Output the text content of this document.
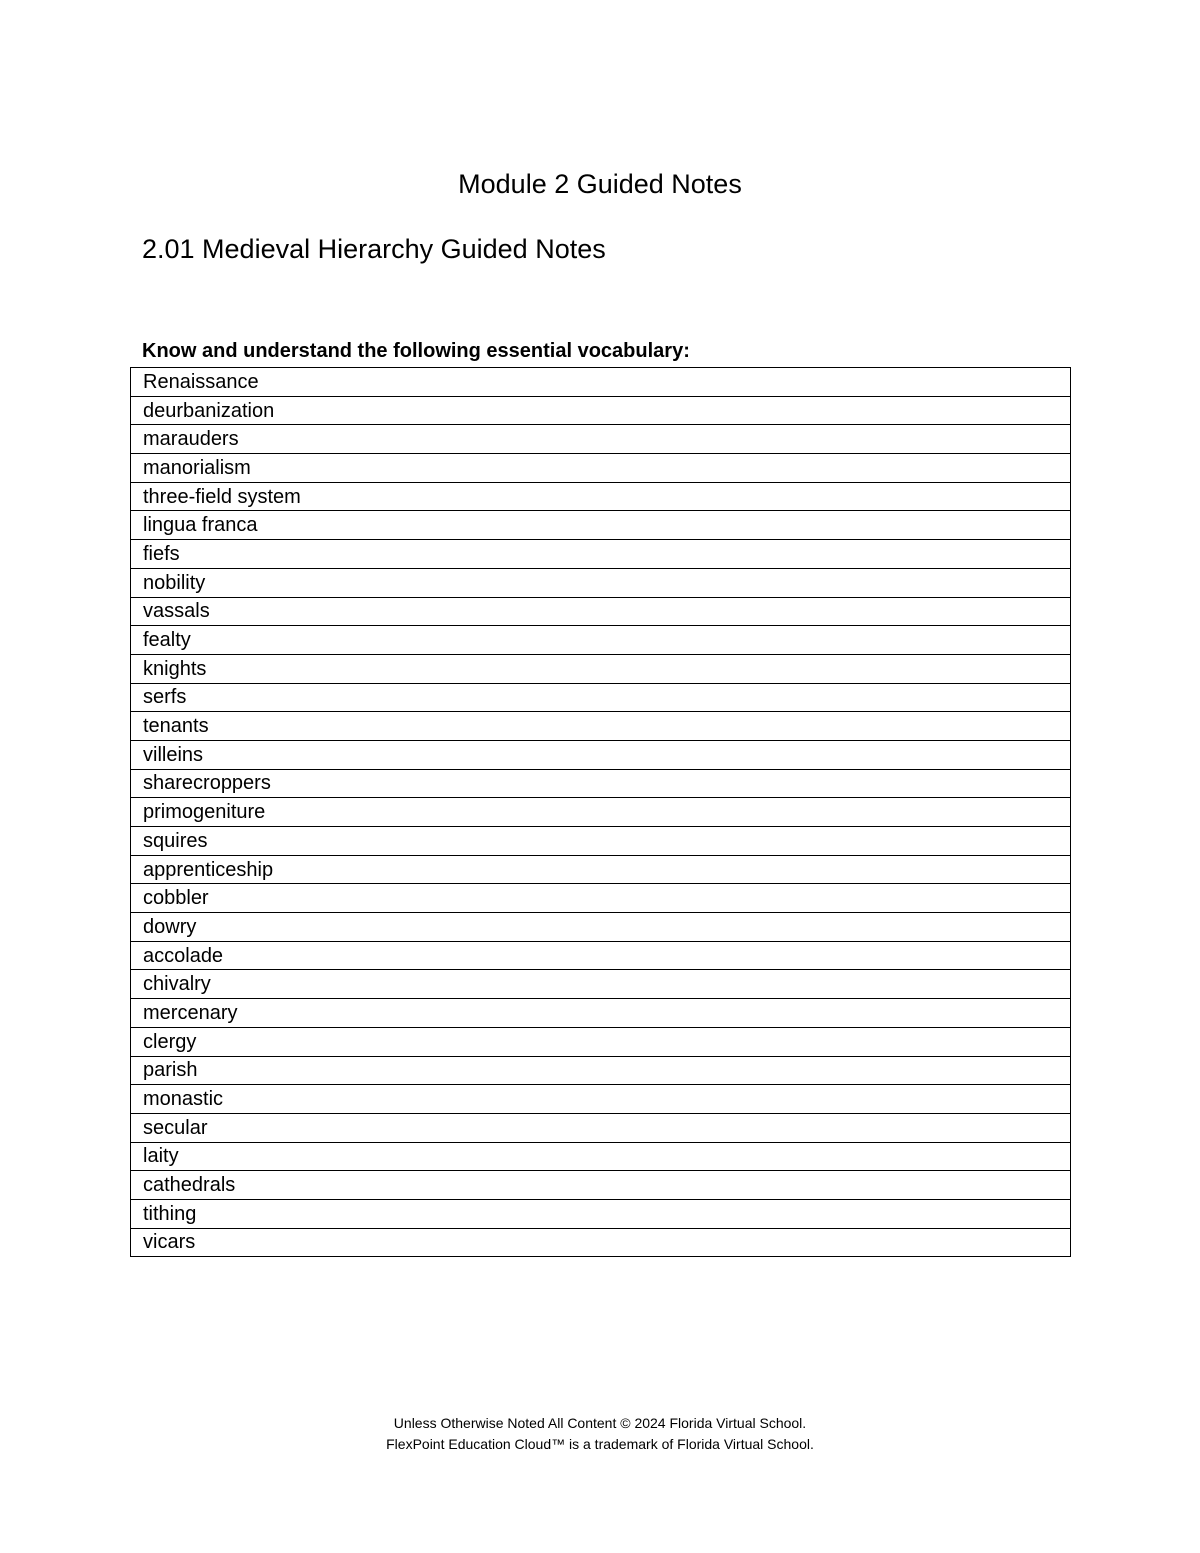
Module 2 Guided Notes
2.01 Medieval Hierarchy Guided Notes

Know and understand the following essential vocabulary:

Renaissance
deurbanization
marauders
manorialism
three-field system
lingua franca
fiefs
nobility
vassals
fealty
knights
serfs
tenants
villeins
sharecroppers
primogeniture
squires
apprenticeship
cobbler
dowry
accolade
chivalry
mercenary
clergy
parish
monastic
secular
laity
cathedrals
tithing
vicars

Unless Otherwise Noted All Content © 2024 Florida Virtual School.

FlexPoint Education Cloud™ is a trademark of Florida Virtual School.
